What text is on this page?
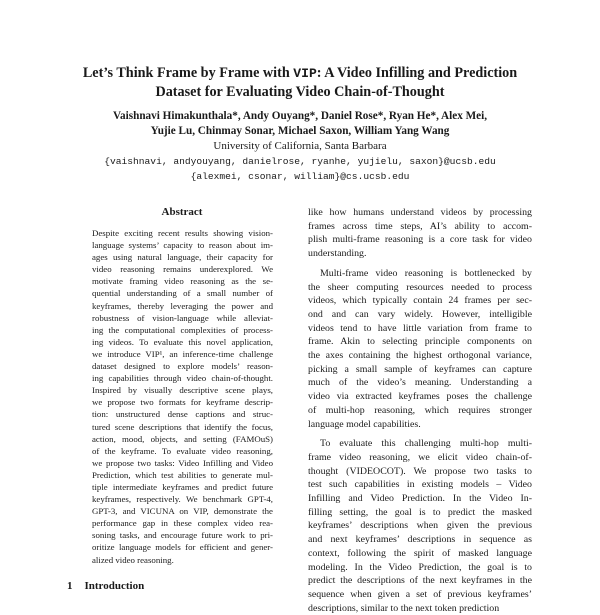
Let’s Think Frame by Frame with VIP: A Video Infilling and Prediction
Dataset for Evaluating Video Chain-of-Thought
Vaishnavi Himakunthala*, Andy Ouyang*, Daniel Rose*, Ryan He*, Alex Mei,
Yujie Lu, Chinmay Sonar, Michael Saxon, William Yang Wang
University of California, Santa Barbara
{vaishnavi, andyouyang, danielrose, ryanhe, yujielu, saxon}@ucsb.edu
{alexmei, csonar, william}@cs.ucsb.edu
Abstract
Despite exciting recent results showing vision-
language systems’ capacity to reason about im-
ages using natural language, their capacity for
video reasoning remains underexplored. We
motivate framing video reasoning as the se-
quential understanding of a small number of
keyframes, thereby leveraging the power and
robustness of vision-language while alleviat-
ing the computational complexities of process-
ing videos. To evaluate this novel application,
we introduce VIP¹, an inference-time challenge
dataset designed to explore models’ reason-
ing capabilities through video chain-of-thought.
Inspired by visually descriptive scene plays,
we propose two formats for keyframe descrip-
tion: unstructured dense captions and struc-
tured scene descriptions that identify the focus,
action, mood, objects, and setting (FAMOuS)
of the keyframe. To evaluate video reasoning,
we propose two tasks: Video Infilling and Video
Prediction, which test abilities to generate mul-
tiple intermediate keyframes and predict future
keyframes, respectively. We benchmark GPT-4,
GPT-3, and VICUNA on VIP, demonstrate the
performance gap in these complex video rea-
soning tasks, and encourage future work to pri-
oritize language models for efficient and gener-
alized video reasoning.
1 Introduction
like how humans understand videos by processing
frames across time steps, AI’s ability to accom-
plish multi-frame reasoning is a core task for video
understanding.
Multi-frame video reasoning is bottlenecked by
the sheer computing resources needed to process
videos, which typically contain 24 frames per sec-
ond and can vary widely. However, intelligible
videos tend to have little variation from frame to
frame. Akin to selecting principle components on
the axes containing the highest orthogonal variance,
picking a small sample of keyframes can capture
much of the video’s meaning. Understanding a
video via extracted keyframes poses the challenge
of multi-hop reasoning, which requires stronger
language model capabilities.
To evaluate this challenging multi-hop multi-
frame video reasoning, we elicit video chain-of-
thought (VIDEOCOT). We propose two tasks to
test such capabilities in existing models – Video
Infilling and Video Prediction. In the Video In-
filling setting, the goal is to predict the masked
keyframes’ descriptions when given the previous
and next keyframes’ descriptions in sequence as
context, following the spirit of masked language
modeling. In the Video Prediction, the goal is to
predict the descriptions of the next keyframes in the
sequence when given a set of previous keyframes’
descriptions, similar to the next token prediction
